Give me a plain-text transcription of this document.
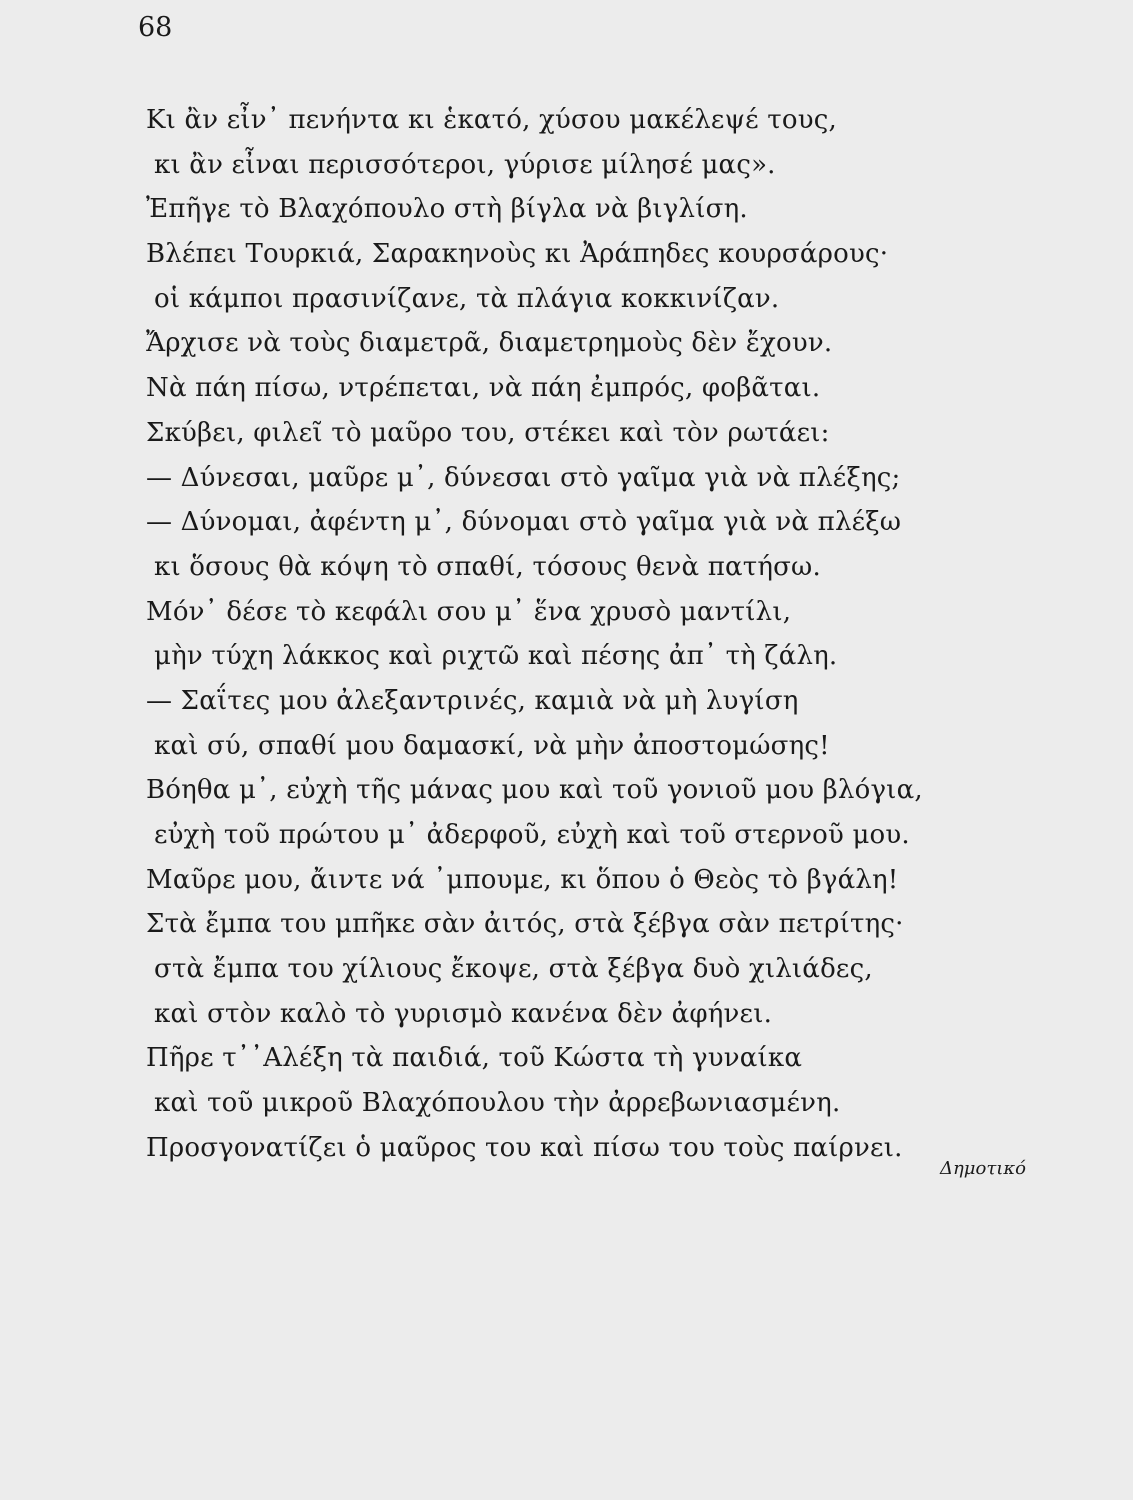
68
Κι ἂν εἶν᾽ πενήντα κι ἑκατό, χύσου μακέλεψέ τους,
κι ἂν εἶναι περισσότεροι, γύρισε μίλησέ μας».
Ἐπῆγε τὸ Βλαχόπουλο στὴ βίγλα νὰ βιγλίση.
Βλέπει Τουρκιά, Σαρακηνοὺς κι Ἀράπηδες κουρσάρους·
οἱ κάμποι πρασινίζανε, τὰ πλάγια κοκκινίζαν.
Ἄρχισε νὰ τοὺς διαμετρᾶ, διαμετρημοὺς δὲν ἔχουν.
Νὰ πάη πίσω, ντρέπεται, νὰ πάη ἐμπρός, φοβᾶται.
Σκύβει, φιλεῖ τὸ μαῦρο του, στέκει καὶ τὸν ρωτάει:
— Δύνεσαι, μαῦρε μ᾽, δύνεσαι στὸ γαῖμα γιὰ νὰ πλέξης;
— Δύνομαι, ἀφέντη μ᾽, δύνομαι στὸ γαῖμα γιὰ νὰ πλέξω
κι ὅσους θὰ κόψη τὸ σπαθί, τόσους θενὰ πατήσω.
Μόν᾽ δέσε τὸ κεφάλι σου μ᾽ ἕνα χρυσὸ μαντίλι,
μὴν τύχη λάκκος καὶ ριχτῶ καὶ πέσης ἀπ᾽ τὴ ζάλη.
— Σαΐτες μου ἀλεξαντρινές, καμιὰ νὰ μὴ λυγίση
καὶ σύ, σπαθί μου δαμασκί, νὰ μὴν ἀποστομώσης!
Βόηθα μ᾽, εὐχὴ τῆς μάνας μου καὶ τοῦ γονιοῦ μου βλόγια,
εὐχὴ τοῦ πρώτου μ᾽ ἀδερφοῦ, εὐχὴ καὶ τοῦ στερνοῦ μου.
Μαῦρε μου, ἄιντε νά ᾽μπουμε, κι ὅπου ὁ Θεὸς τὸ βγάλη!
Στὰ ἔμπα του μπῆκε σὰν ἀιτός, στὰ ξέβγα σὰν πετρίτης·
στὰ ἔμπα του χίλιους ἔκοψε, στὰ ξέβγα δυὸ χιλιάδες,
καὶ στὸν καλὸ τὸ γυρισμὸ κανένα δὲν ἀφήνει.
Πῆρε τ᾽᾽Αλέξη τὰ παιδιά, τοῦ Κώστα τὴ γυναίκα
καὶ τοῦ μικροῦ Βλαχόπουλου τὴν ἀρρεβωνιασμένη.
Προσγονατίζει ὁ μαῦρος του καὶ πίσω του τοὺς παίρνει.
Δημοτικό
